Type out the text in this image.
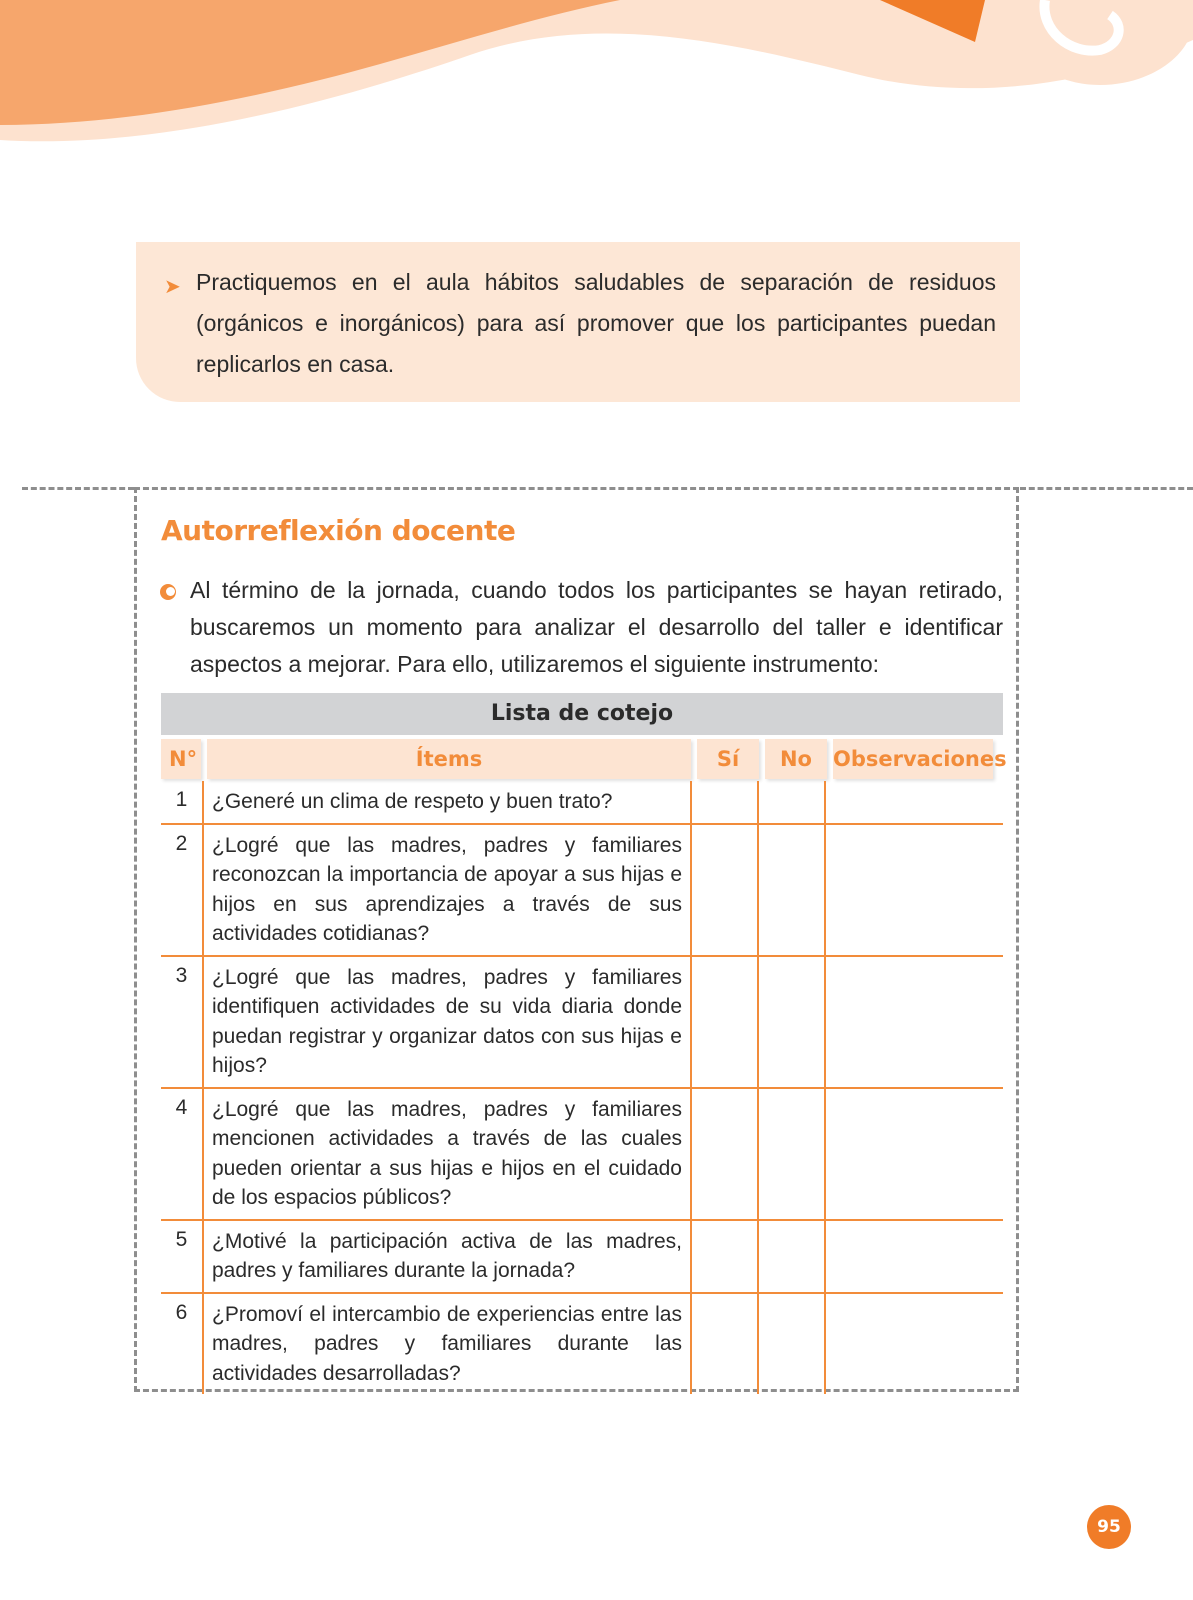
➤ Practiquemos en el aula hábitos saludables de separación de residuos (orgánicos e inorgánicos) para así promover que los participantes puedan replicarlos en casa.

Autorreflexión docente

Al término de la jornada, cuando todos los participantes se hayan retirado, buscaremos un momento para analizar el desarrollo del taller e identificar aspectos a mejorar. Para ello, utilizaremos el siguiente instrumento:

Lista de cotejo
N°	Ítems	Sí	No	Observaciones
1	¿Generé un clima de respeto y buen trato?
2	¿Logré que las madres, padres y familiares reconozcan la importancia de apoyar a sus hijas e hijos en sus aprendizajes a través de sus actividades cotidianas?
3	¿Logré que las madres, padres y familiares identifiquen actividades de su vida diaria donde puedan registrar y organizar datos con sus hijas e hijos?
4	¿Logré que las madres, padres y familiares mencionen actividades a través de las cuales pueden orientar a sus hijas e hijos en el cuidado de los espacios públicos?
5	¿Motivé la participación activa de las madres, padres y familiares durante la jornada?
6	¿Promoví el intercambio de experiencias entre las madres, padres y familiares durante las actividades desarrolladas?
95
